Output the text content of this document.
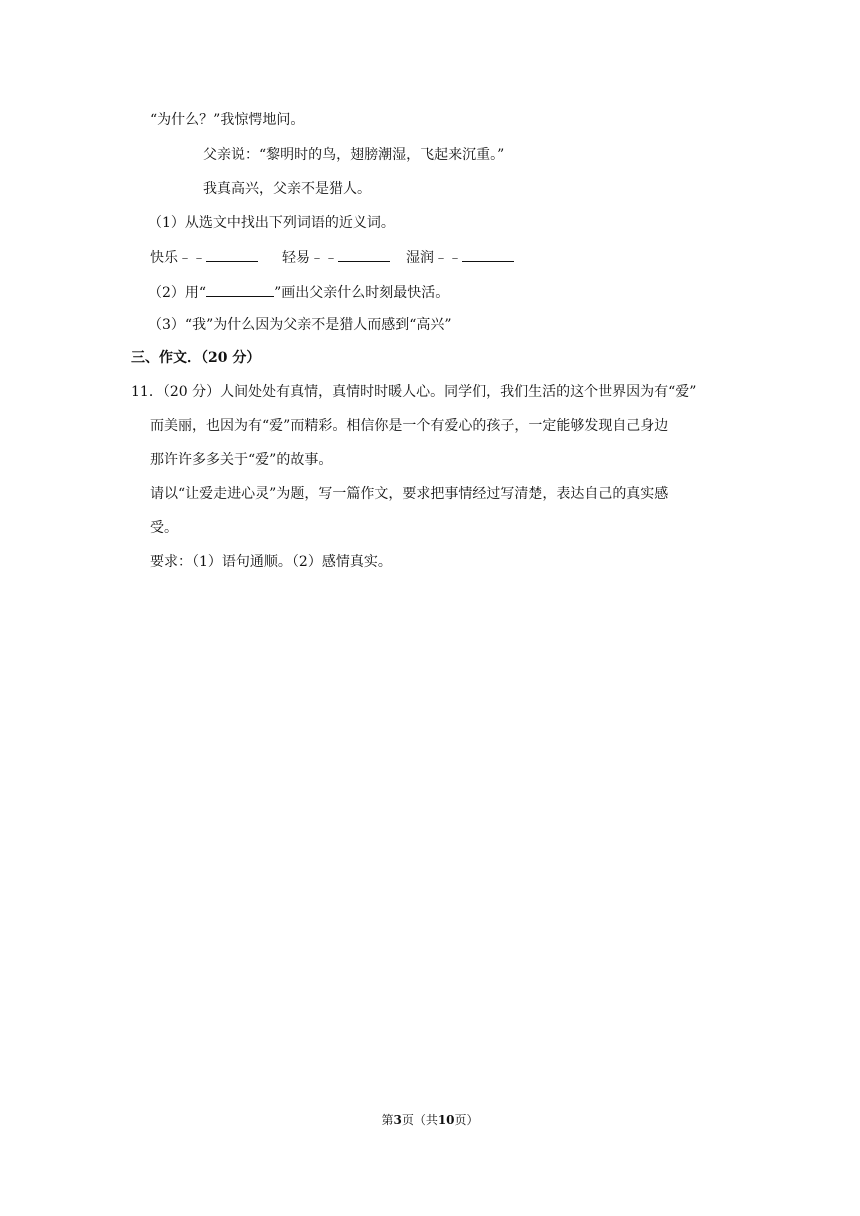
“为什么？”我惊愕地问。
父亲说：“黎明时的鸟，翅膀潮湿，飞起来沉重。”
我真高兴，父亲不是猎人。
（1）从选文中找出下列词语的近义词。
快乐﹣﹣	轻易﹣﹣	湿润﹣﹣
（2）用“	”画出父亲什么时刻最快活。
（3）“我”为什么因为父亲不是猎人而感到“高兴”
三、作文．（20 分）
11．（20 分）人间处处有真情，真情时时暖人心。同学们，我们生活的这个世界因为有“爱”
而美丽，也因为有“爱”而精彩。相信你是一个有爱心的孩子，一定能够发现自己身边
那许许多多关于“爱”的故事。
请以“让爱走进心灵”为题，写一篇作文，要求把事情经过写清楚，表达自己的真实感
受。
要求：（1）语句通顺。（2）感情真实。
第3页（共10页）
